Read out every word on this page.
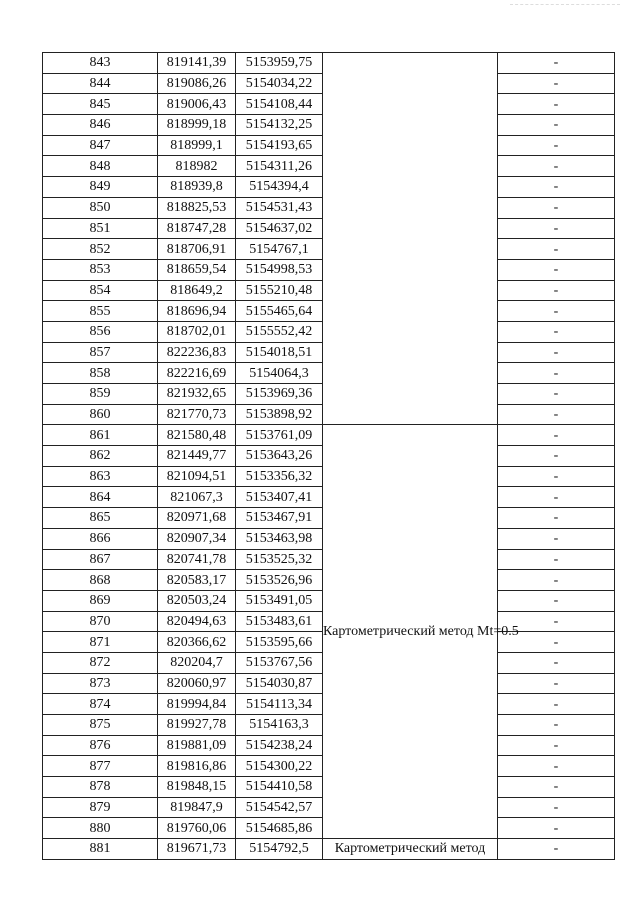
843	819141,39	5153959,75		-
844	819086,26	5154034,22		-
845	819006,43	5154108,44		-
846	818999,18	5154132,25		-
847	818999,1	5154193,65		-
848	818982	5154311,26		-
849	818939,8	5154394,4		-
850	818825,53	5154531,43		-
851	818747,28	5154637,02		-
852	818706,91	5154767,1		-
853	818659,54	5154998,53		-
854	818649,2	5155210,48		-
855	818696,94	5155465,64		-
856	818702,01	5155552,42		-
857	822236,83	5154018,51		-
858	822216,69	5154064,3		-
859	821932,65	5153969,36		-
860	821770,73	5153898,92		-
861	821580,48	5153761,09	Картометрический метод Mt=0.5	-
862	821449,77	5153643,26		-
863	821094,51	5153356,32		-
864	821067,3	5153407,41		-
865	820971,68	5153467,91		-
866	820907,34	5153463,98		-
867	820741,78	5153525,32		-
868	820583,17	5153526,96		-
869	820503,24	5153491,05		-
870	820494,63	5153483,61		-
871	820366,62	5153595,66		-
872	820204,7	5153767,56		-
873	820060,97	5154030,87		-
874	819994,84	5154113,34		-
875	819927,78	5154163,3		-
876	819881,09	5154238,24		-
877	819816,86	5154300,22		-
878	819848,15	5154410,58		-
879	819847,9	5154542,57		-
880	819760,06	5154685,86		-
881	819671,73	5154792,5	Картометрический метод	-
